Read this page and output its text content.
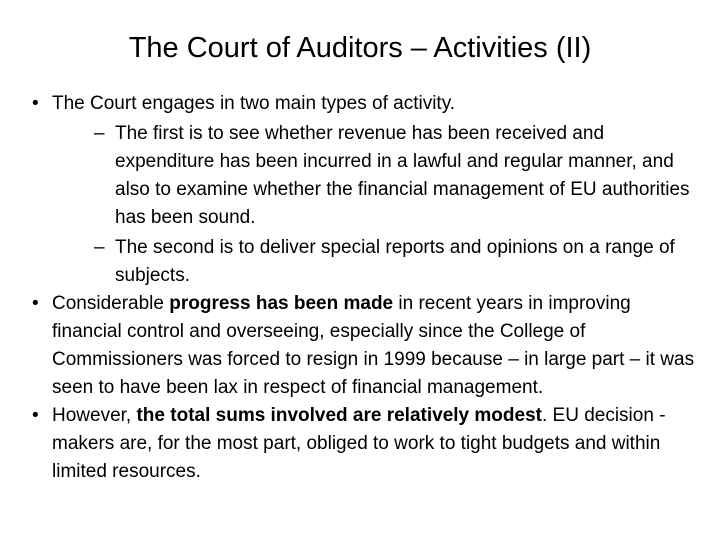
The Court of Auditors – Activities (II)

• The Court engages in two main types of activity.

– The first is to see whether revenue has been received and expenditure has been incurred in a lawful and regular manner, and also to examine whether the financial management of EU authorities has been sound.

– The second is to deliver special reports and opinions on a range of subjects.

• Considerable progress has been made in recent years in improving financial control and overseeing, especially since the College of Commissioners was forced to resign in 1999 because – in large part – it was seen to have been lax in respect of financial management.

• However, the total sums involved are relatively modest. EU decision -makers are, for the most part, obliged to work to tight budgets and within limited resources.
